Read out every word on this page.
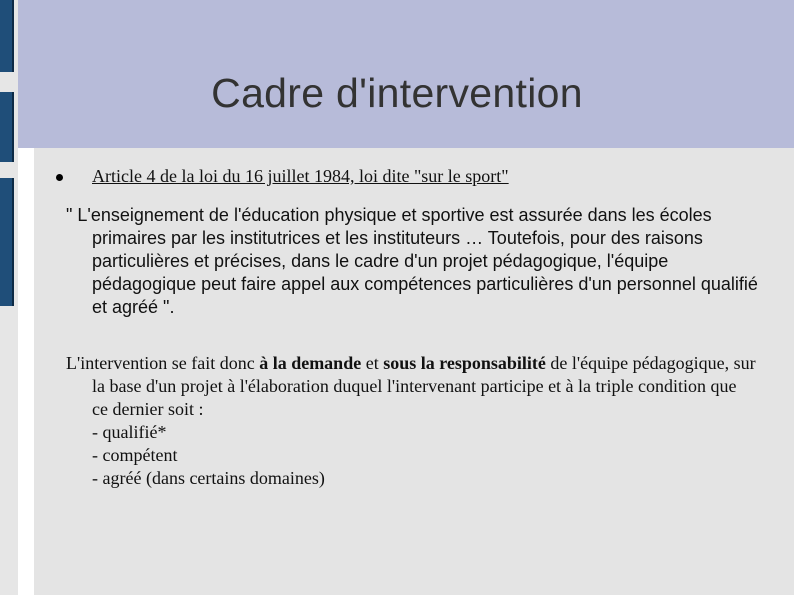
Cadre d'intervention
Article 4 de la loi du 16 juillet 1984, loi dite "sur le sport"

" L'enseignement de l'éducation physique et sportive est assurée dans les écoles primaires par les institutrices et les instituteurs … Toutefois, pour des raisons particulières et précises, dans le cadre d'un projet pédagogique, l'équipe pédagogique peut faire appel aux compétences particulières d'un personnel qualifié et agréé ".

L'intervention se fait donc à la demande et sous la responsabilité de l'équipe pédagogique, sur la base d'un projet à l'élaboration duquel l'intervenant participe et à la triple condition que ce dernier soit :
- qualifié*
- compétent
- agréé (dans certains domaines)
